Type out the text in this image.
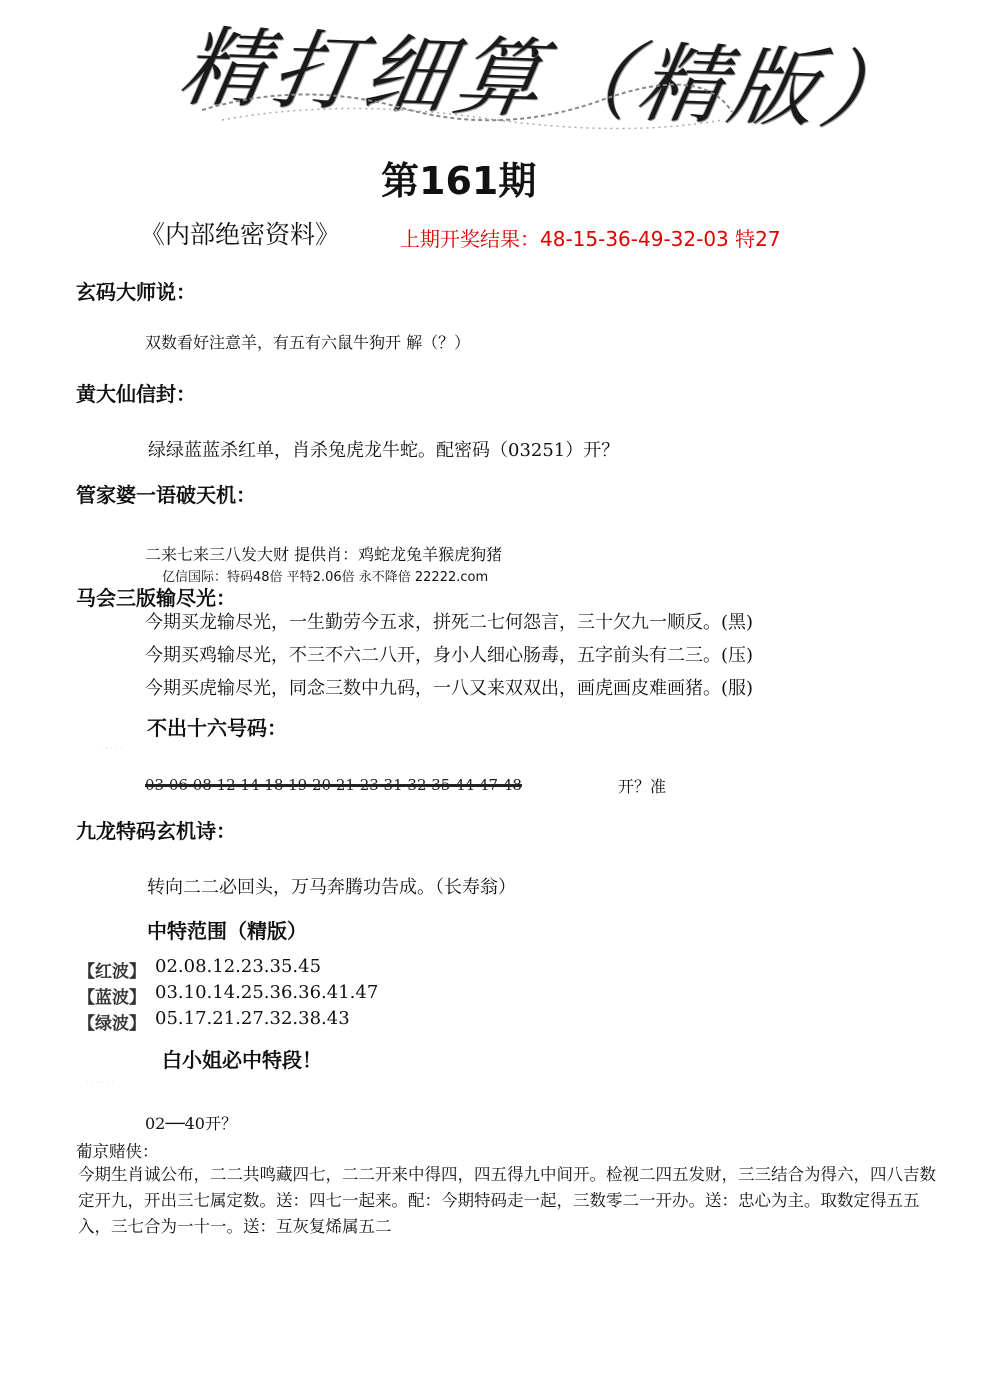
精打细算（精版）
第161期
《内部绝密资料》	上期开奖结果：48-15-36-49-32-03 特27
玄码大师说：
双数看好注意羊，有五有六鼠牛狗开 解（？）
黄大仙信封：
绿绿蓝蓝杀红单，肖杀兔虎龙牛蛇。配密码（03251）开？
管家婆一语破天机：
二来七来三八发大财 提供肖：鸡蛇龙兔羊猴虎狗猪
亿信国际：特码48倍 平特2.06倍 永不降倍 22222.com
马会三版输尽光：
今期买龙输尽光，一生勤劳今五求，拼死二七何怨言，三十欠九一顺反。(黑)
今期买鸡输尽光，不三不六二八开，身小人细心肠毒，五字前头有二三。(压)
今期买虎输尽光，同念三数中九码，一八又来双双出，画虎画皮难画猪。(服)
不出十六号码：
· · · · ·
03 06 08 12 14 18 19 20 21 23 31 32 35 44 47 48	开？准
九龙特码玄机诗：
转向二二必回头，万马奔腾功告成。（长寿翁）
中特范围（精版）
【红波】 02.08.12.23.35.45
【蓝波】 03.10.14.25.36.36.41.47
【绿波】 05.17.21.27.32.38.43
白小姐必中特段！
· · · · · ·
02──40开？
葡京赌侠：
今期生肖诚公布，二二共鸣藏四七，二二开来中得四，四五得九中间开。检视二四五发财，三三结合为得六，四八吉数定开九，开出三七属定数。送：四七一起来。配：今期特码走一起，三数零二一开办。送：忠心为主。取数定得五五入，三七合为一十一。送：互灰复烯属五二
